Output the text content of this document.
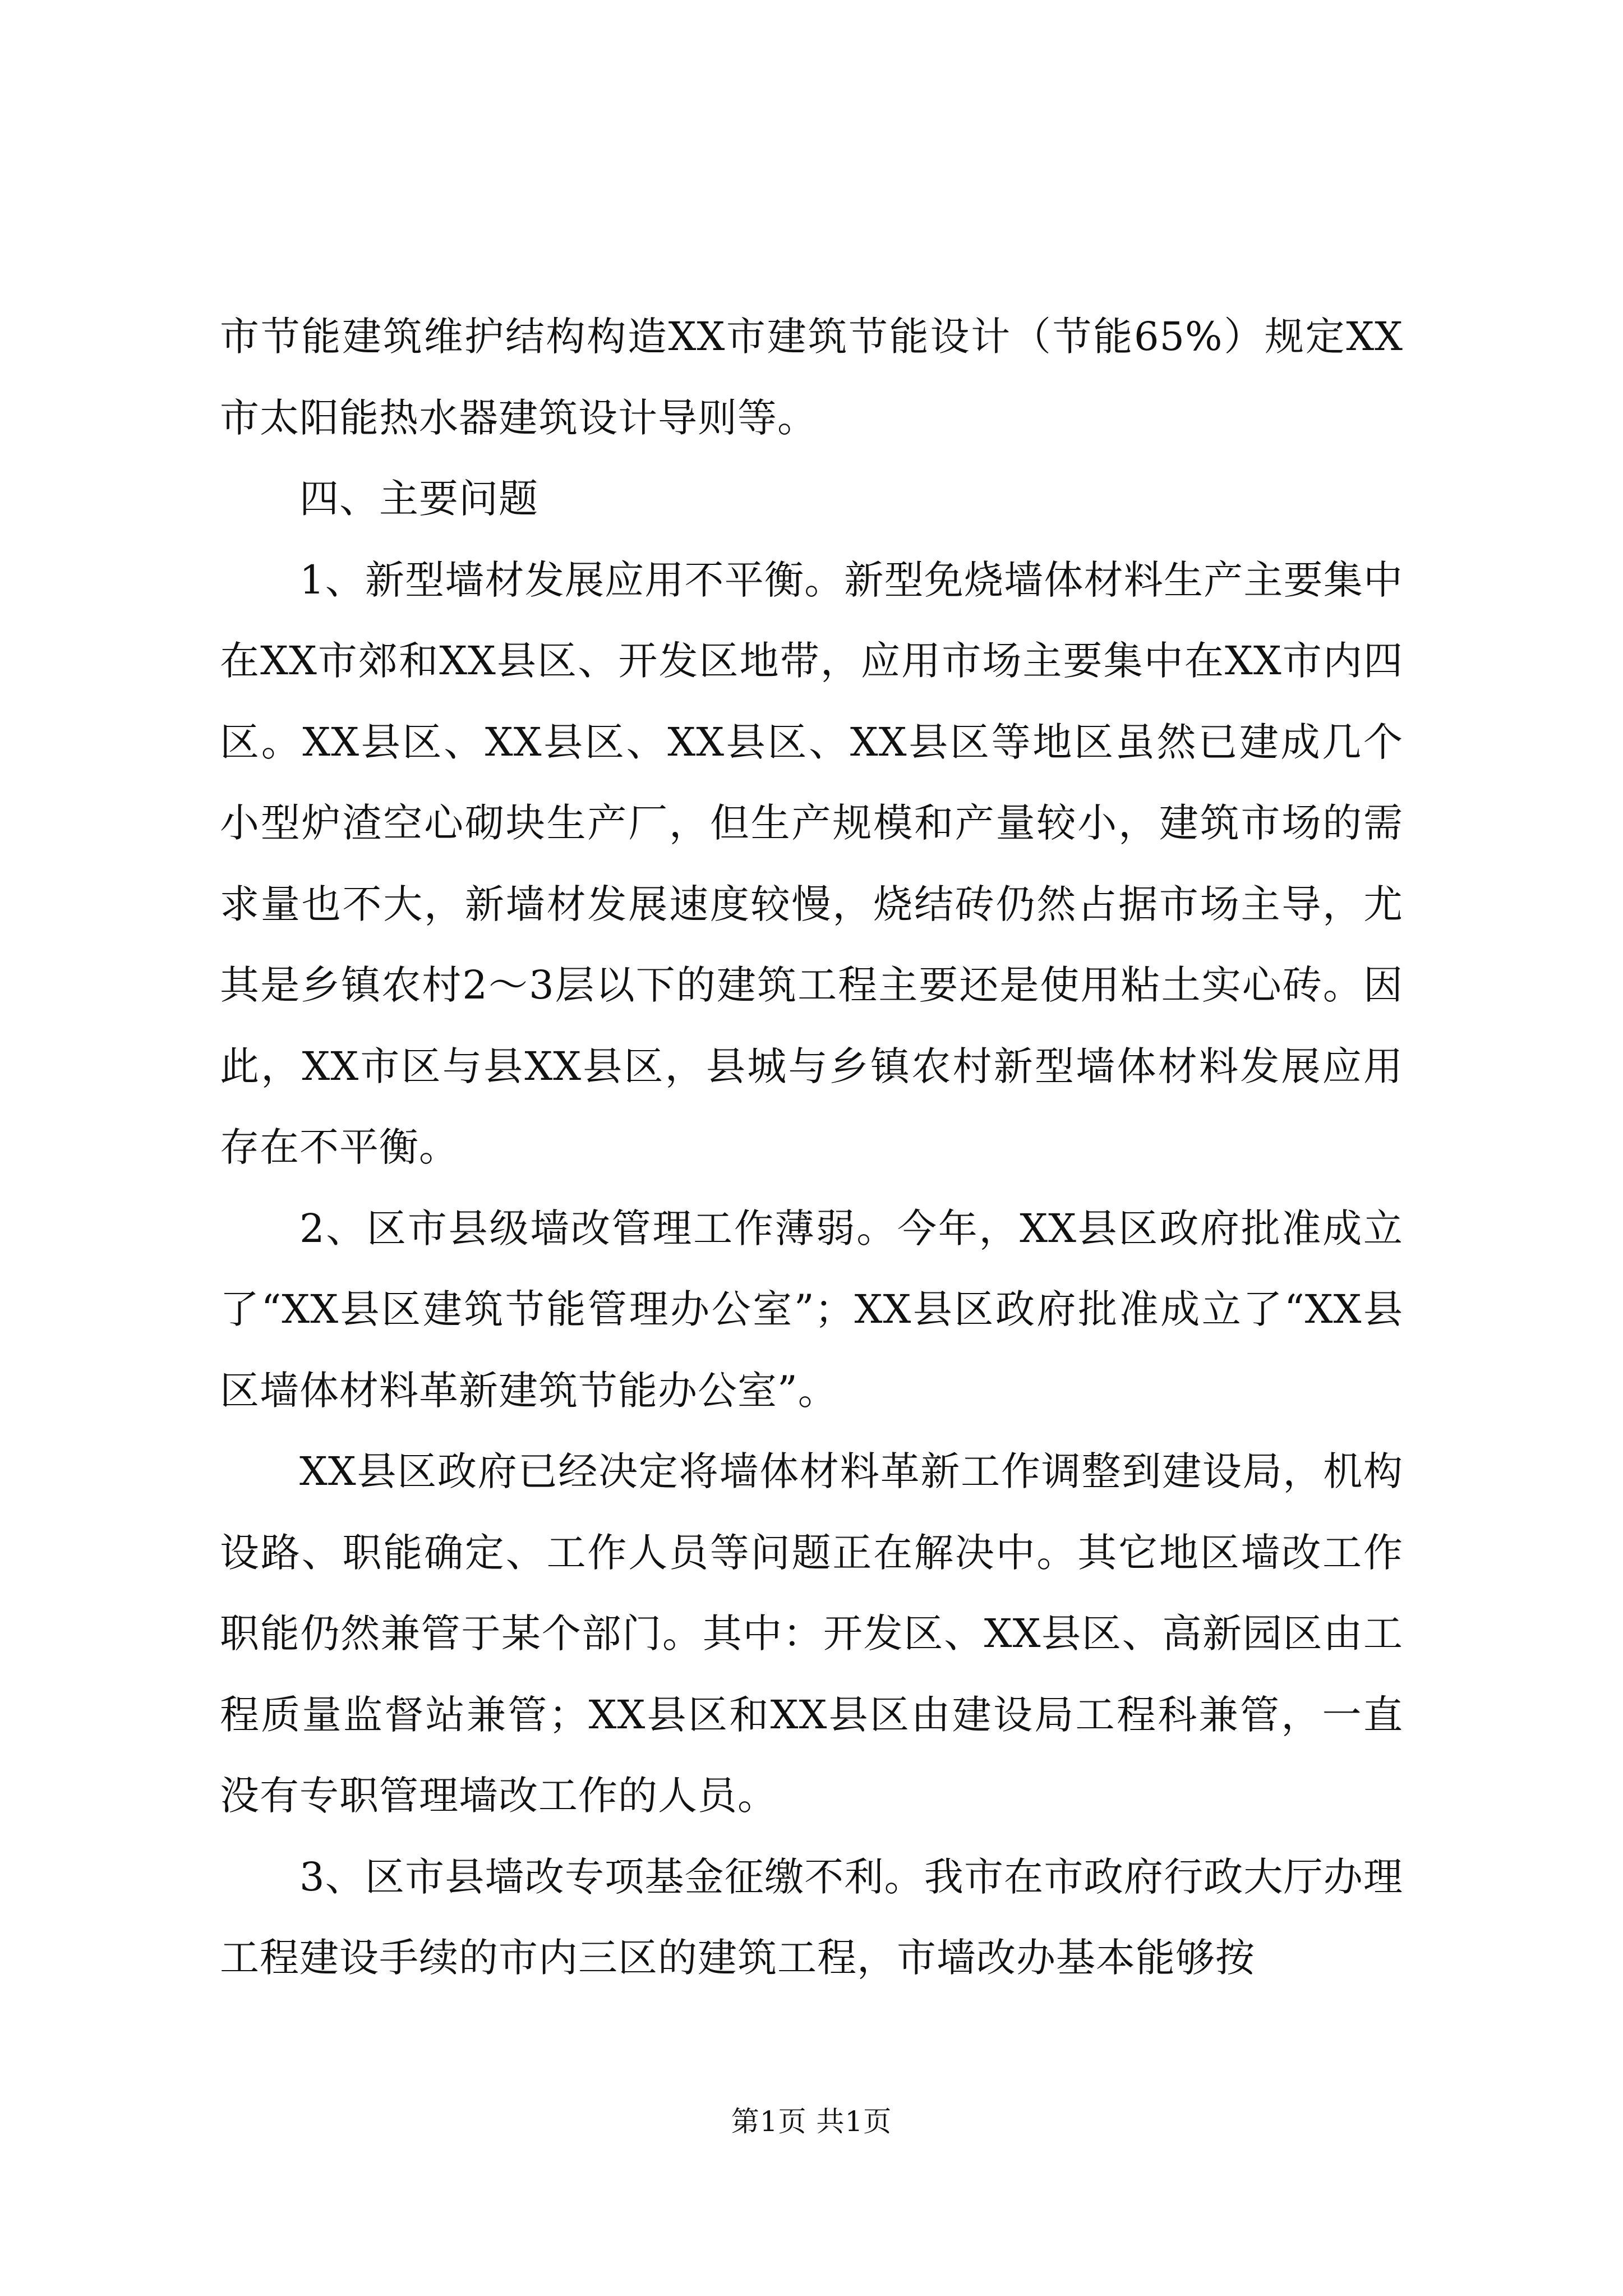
市节能建筑维护结构构造XX市建筑节能设计（节能65%）规定XX市太阳能热水器建筑设计导则等。

四、主要问题

1、新型墙材发展应用不平衡。新型免烧墙体材料生产主要集中在XX市郊和XX县区、开发区地带，应用市场主要集中在XX市内四区。XX县区、XX县区、XX县区、XX县区等地区虽然已建成几个小型炉渣空心砌块生产厂，但生产规模和产量较小，建筑市场的需求量也不大，新墙材发展速度较慢，烧结砖仍然占据市场主导，尤其是乡镇农村2～3层以下的建筑工程主要还是使用粘土实心砖。因此，XX市区与县XX县区，县城与乡镇农村新型墙体材料发展应用存在不平衡。

2、区市县级墙改管理工作薄弱。今年，XX县区政府批准成立了“XX县区建筑节能管理办公室”；XX县区政府批准成立了“XX县区墙体材料革新建筑节能办公室”。

XX县区政府已经决定将墙体材料革新工作调整到建设局，机构设路、职能确定、工作人员等问题正在解决中。其它地区墙改工作职能仍然兼管于某个部门。其中：开发区、XX县区、高新园区由工程质量监督站兼管；XX县区和XX县区由建设局工程科兼管，一直没有专职管理墙改工作的人员。

3、区市县墙改专项基金征缴不利。我市在市政府行政大厅办理工程建设手续的市内三区的建筑工程，市墙改办基本能够按

第1页 共1页
